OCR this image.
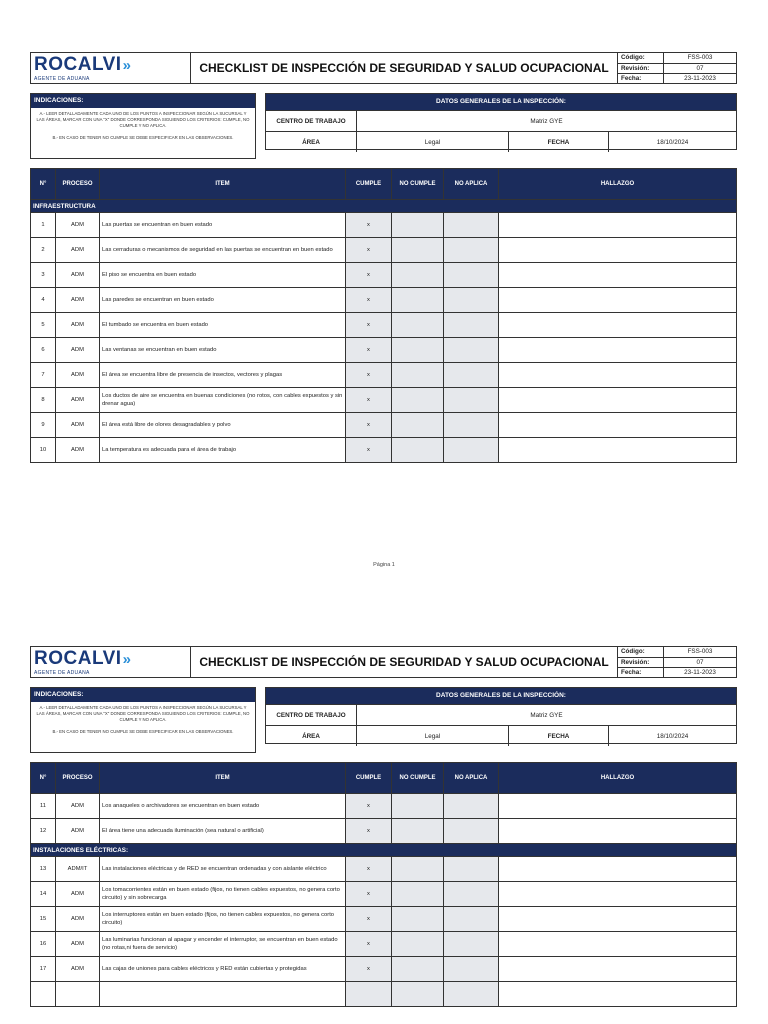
ROCALVI»
AGENTE DE ADUANA
CHECKLIST DE INSPECCIÓN DE SEGURIDAD Y SALUD OCUPACIONAL
Código:	FSS-003
Revisión:	07
Fecha:	23-11-2023
INDICACIONES:
A.- LEER DETALLADAMENTE CADA UNO DE LOS PUNTOS A INSPECCIONAR SEGÚN LA SUCURSAL Y LAS ÁREAS, MARCAR CON UNA "X" DONDE CORRESPONDA SIGUIENDO LOS CRITERIOS: CUMPLE, NO CUMPLE Y NO APLICA.
B.- EN CASO DE TENER NO CUMPLE SE DEBE ESPECIFICAR EN LAS OBSERVACIONES.
DATOS GENERALES DE LA INSPECCIÓN:
CENTRO DE TRABAJO	Matriz GYE
ÁREA	Legal	FECHA	18/10/2024
N°	PROCESO	ITEM	CUMPLE	NO CUMPLE	NO APLICA	HALLAZGO
INFRAESTRUCTURA						
1	ADM	Las puertas se encuentran en buen estado	x			
2	ADM	Las cerraduras o mecanismos de seguridad en las puertas se encuentran en buen estado	x			
3	ADM	El piso se encuentra en buen estado	x			
4	ADM	Las paredes se encuentran en buen estado	x			
5	ADM	El tumbado se encuentra en buen estado	x			
6	ADM	Las ventanas se encuentran en buen estado	x			
7	ADM	El área se encuentra libre de presencia de insectos, vectores y plagas	x			
8	ADM	Los ductos de aire se encuentra en buenas condiciones (no rotos, con cables expuestos y sin drenar agua)	x			
9	ADM	El área está libre de olores desagradables y polvo	x			
10	ADM	La temperatura es adecuada para el área de trabajo	x			
Página 1
ROCALVI»
AGENTE DE ADUANA
CHECKLIST DE INSPECCIÓN DE SEGURIDAD Y SALUD OCUPACIONAL
Código:	FSS-003
Revisión:	07
Fecha:	23-11-2023
INDICACIONES:
A.- LEER DETALLADAMENTE CADA UNO DE LOS PUNTOS A INSPECCIONAR SEGÚN LA SUCURSAL Y LAS ÁREAS, MARCAR CON UNA "X" DONDE CORRESPONDA SIGUIENDO LOS CRITERIOS: CUMPLE, NO CUMPLE Y NO APLICA.
B.- EN CASO DE TENER NO CUMPLE SE DEBE ESPECIFICAR EN LAS OBSERVACIONES.
DATOS GENERALES DE LA INSPECCIÓN:
CENTRO DE TRABAJO	Matriz GYE
ÁREA	Legal	FECHA	18/10/2024
N°	PROCESO	ITEM	CUMPLE	NO CUMPLE	NO APLICA	HALLAZGO
11	ADM	Los anaqueles o archivadores se encuentran en buen estado	x			
12	ADM	El área tiene una adecuada iluminación (sea natural o artificial)	x			
INSTALACIONES ELÉCTRICAS:						
13	ADM/IT	Las instalaciones eléctricas y de RED se encuentran ordenadas y con aislante eléctrico	x			
14	ADM	Los tomacorrientes están en buen estado (fijos, no tienen cables expuestos, no genera corto circuito) y sin sobrecarga	x			
15	ADM	Los interruptores están en buen estado (fijos, no tienen cables expuestos, no genera corto circuito)	x			
16	ADM	Las luminarias funcionan al apagar y encender el interruptor, se encuentran en buen estado (no rotas,ni fuera de servicio)	x			
17	ADM	Las cajas de uniones para cables eléctricos y RED están cubiertas y protegidas	x			
